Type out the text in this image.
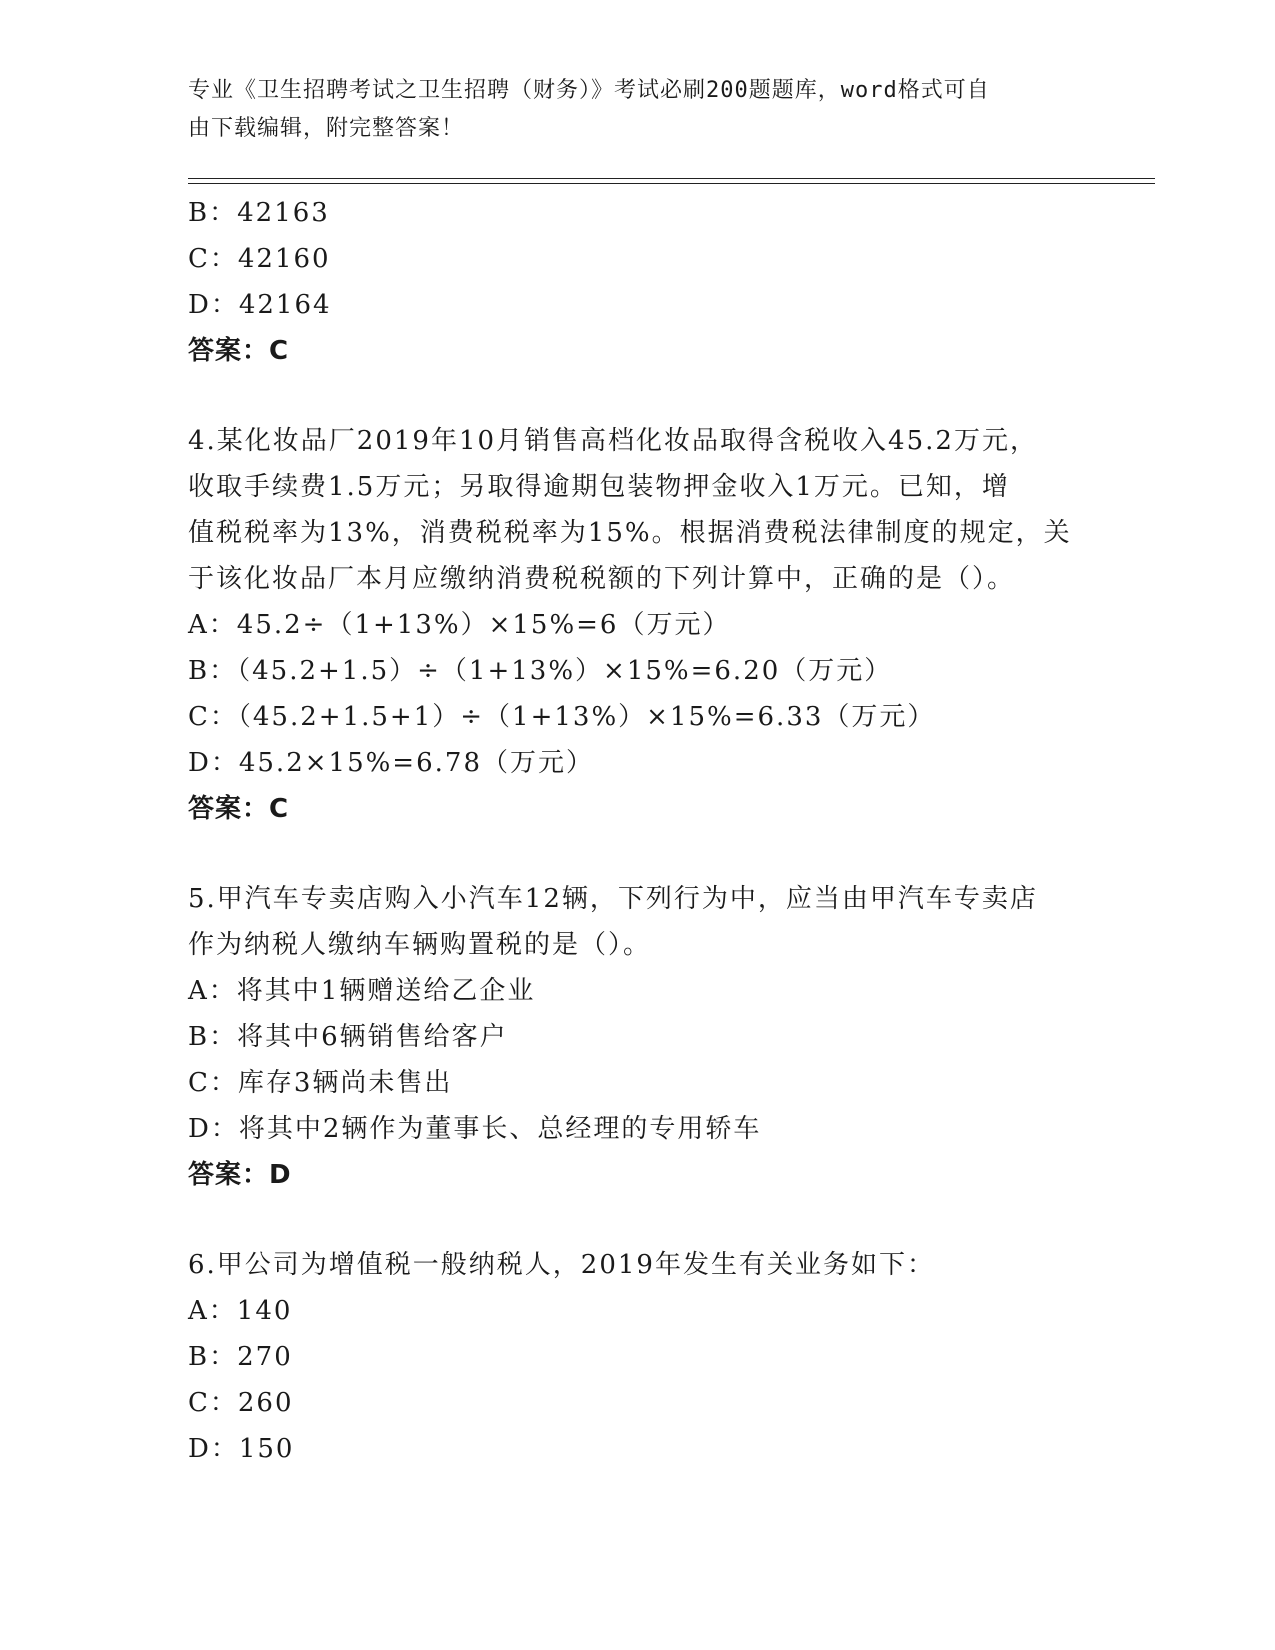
专业《卫生招聘考试之卫生招聘（财务）》考试必刷200题题库，word格式可自
由下载编辑，附完整答案！
B：42163
C：42160
D：42164
答案：C
4.某化妆品厂2019年10月销售高档化妆品取得含税收入45.2万元，
收取手续费1.5万元；另取得逾期包装物押金收入1万元。已知，增
值税税率为13%，消费税税率为15%。根据消费税法律制度的规定，关
于该化妆品厂本月应缴纳消费税税额的下列计算中，正确的是（）。
A：45.2÷（1+13%）×15%=6（万元）
B：（45.2+1.5）÷（1+13%）×15%=6.20（万元）
C：（45.2+1.5+1）÷（1+13%）×15%=6.33（万元）
D：45.2×15%=6.78（万元）
答案：C
5.甲汽车专卖店购入小汽车12辆，下列行为中，应当由甲汽车专卖店
作为纳税人缴纳车辆购置税的是（）。
A：将其中1辆赠送给乙企业
B：将其中6辆销售给客户
C：库存3辆尚未售出
D：将其中2辆作为董事长、总经理的专用轿车
答案：D
6.甲公司为增值税一般纳税人，2019年发生有关业务如下：
A：140
B：270
C：260
D：150
